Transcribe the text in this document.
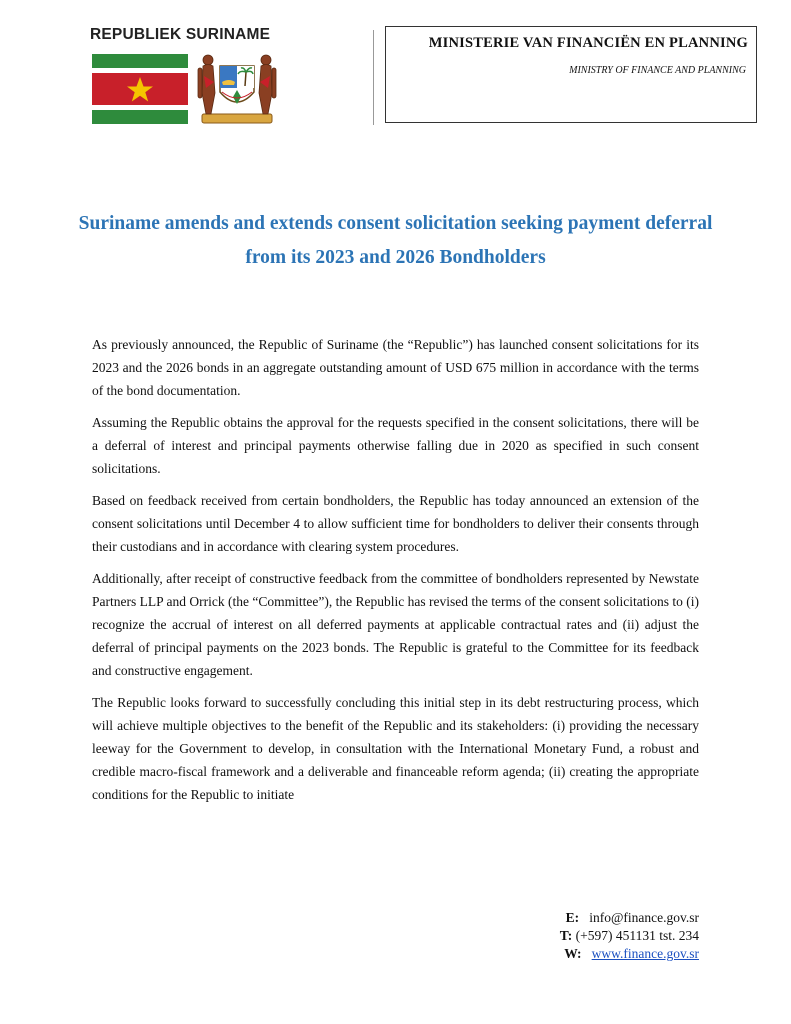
REPUBLIEK SURINAME	MINISTERIE VAN FINANCIËN EN PLANNING
MINISTRY OF FINANCE AND PLANNING
Suriname amends and extends consent solicitation seeking payment deferral from its 2023 and 2026 Bondholders

As previously announced, the Republic of Suriname (the “Republic”) has launched consent solicitations for its 2023 and the 2026 bonds in an aggregate outstanding amount of USD 675 million in accordance with the terms of the bond documentation.

Assuming the Republic obtains the approval for the requests specified in the consent solicitations, there will be a deferral of interest and principal payments otherwise falling due in 2020 as specified in such consent solicitations.

Based on feedback received from certain bondholders, the Republic has today announced an extension of the consent solicitations until December 4 to allow sufficient time for bondholders to deliver their consents through their custodians and in accordance with clearing system procedures.

Additionally, after receipt of constructive feedback from the committee of bondholders represented by Newstate Partners LLP and Orrick (the “Committee”), the Republic has revised the terms of the consent solicitations to (i) recognize the accrual of interest on all deferred payments at applicable contractual rates and (ii) adjust the deferral of principal payments on the 2023 bonds. The Republic is grateful to the Committee for its feedback and constructive engagement.

The Republic looks forward to successfully concluding this initial step in its debt restructuring process, which will achieve multiple objectives to the benefit of the Republic and its stakeholders: (i) providing the necessary leeway for the Government to develop, in consultation with the International Monetary Fund, a robust and credible macro-fiscal framework and a deliverable and financeable reform agenda; (ii) creating the appropriate conditions for the Republic to initiate

E: info@finance.gov.sr
T: (+597) 451131 tst. 234
W: www.finance.gov.sr
